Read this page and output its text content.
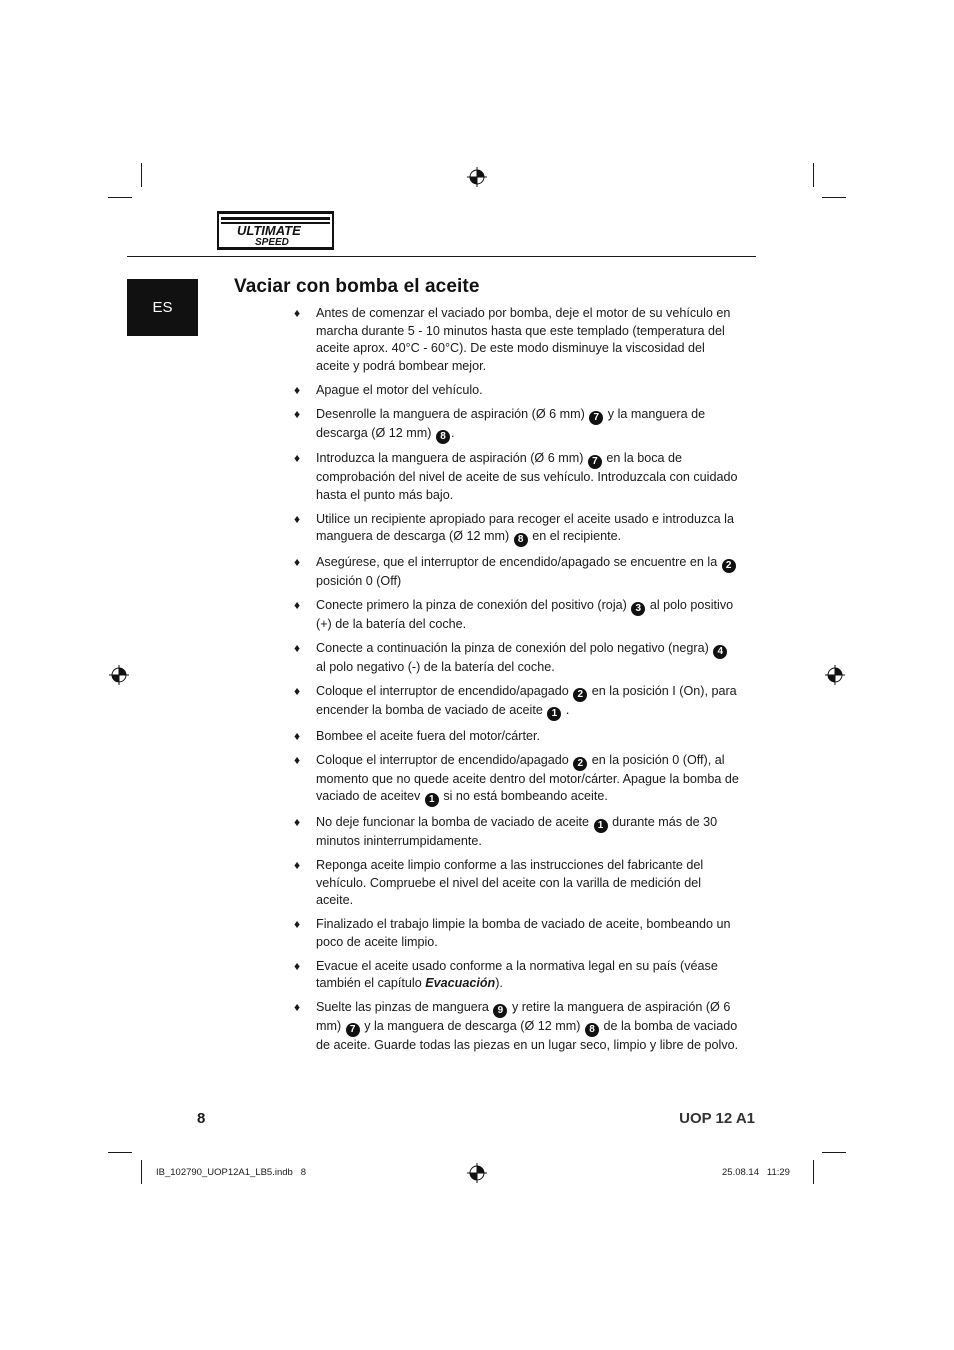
ULTIMATE
SPEED
ES
Vaciar con bomba el aceite
♦ Antes de comenzar el vaciado por bomba, deje el motor de su vehículo en marcha durante 5 - 10 minutos hasta que este templado (temperatura del aceite aprox. 40°C - 60°C). De este modo disminuye la viscosidad del aceite y podrá bombear mejor.
♦ Apague el motor del vehículo.
♦ Desenrolle la manguera de aspiración (Ø 6 mm) 7 y la manguera de descarga (Ø 12 mm) 8 .
♦ Introduzca la manguera de aspiración (Ø 6 mm) 7 en la boca de comprobación del nivel de aceite de sus vehículo. Introduzcala con cuidado hasta el punto más bajo.
♦ Utilice un recipiente apropiado para recoger el aceite usado e introduzca la manguera de descarga (Ø 12 mm) 8 en el recipiente.
♦ Asegúrese, que el interruptor de encendido/apagado se encuentre en la 2 posición 0 (Off)
♦ Conecte primero la pinza de conexión del positivo (roja) 3 al polo positivo (+) de la batería del coche.
♦ Conecte a continuación la pinza de conexión del polo negativo (negra) 4 al polo negativo (-) de la batería del coche.
♦ Coloque el interruptor de encendido/apagado 2 en la posición I (On), para encender la bomba de vaciado de aceite 1 .
♦ Bombee el aceite fuera del motor/cárter.
♦ Coloque el interruptor de encendido/apagado 2 en la posición 0 (Off), al momento que no quede aceite dentro del motor/cárter. Apague la bomba de vaciado de aceitev 1 si no está bombeando aceite.
♦ No deje funcionar la bomba de vaciado de aceite 1 durante más de 30 minutos ininterrumpidamente.
♦ Reponga aceite limpio conforme a las instrucciones del fabricante del vehículo. Compruebe el nivel del aceite con la varilla de medición del aceite.
♦ Finalizado el trabajo limpie la bomba de vaciado de aceite, bombeando un poco de aceite limpio.
♦ Evacue el aceite usado conforme a la normativa legal en su país (véase también el capítulo Evacuación).
♦ Suelte las pinzas de manguera 9 y retire la manguera de aspiración (Ø 6 mm) 7 y la manguera de descarga (Ø 12 mm) 8 de la bomba de vaciado de aceite. Guarde todas las piezas en un lugar seco, limpio y libre de polvo.
8	UOP 12 A1
IB_102790_UOP12A1_LB5.indb   8	25.08.14   11:29
